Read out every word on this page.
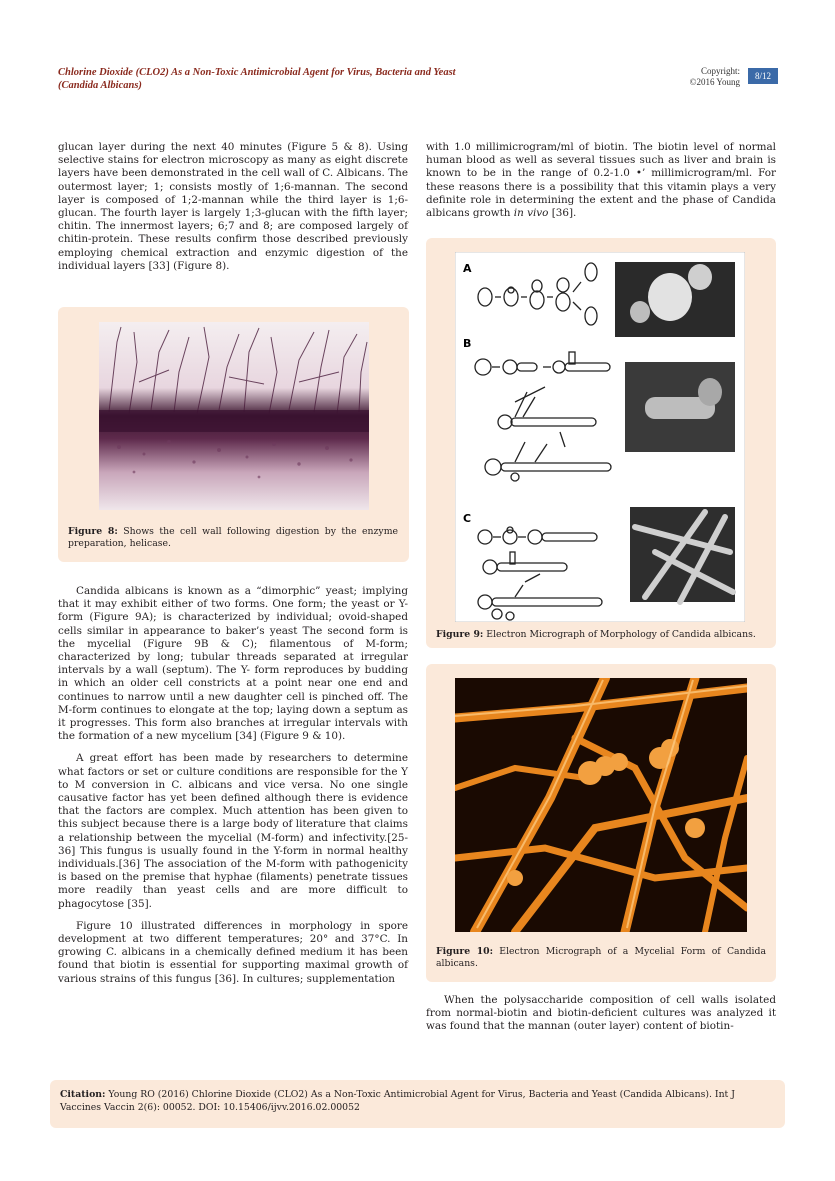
Chlorine Dioxide (CLO2) As a Non-Toxic Antimicrobial Agent for Virus, Bacteria and Yeast
(Candida Albicans)
Copyright:
©2016 Young
8/12

glucan layer during the next 40 minutes (Figure 5 & 8). Using selective stains for electron microscopy as many as eight discrete layers have been demonstrated in the cell wall of C. Albicans. The outermost layer; 1; consists mostly of 1;6-mannan. The second layer is composed of 1;2-mannan while the third layer is 1;6-glucan. The fourth layer is largely 1;3-glucan with the fifth layer; chitin. The innermost layers; 6;7 and 8; are composed largely of chitin-protein. These results confirm those described previously employing chemical extraction and enzymic digestion of the individual layers [33] (Figure 8).

Figure 8: Shows the cell wall following digestion by the enzyme preparation, helicase.

Candida albicans is known as a “dimorphic” yeast; implying that it may exhibit either of two forms. One form; the yeast or Y-form (Figure 9A); is characterized by individual; ovoid-shaped cells similar in appearance to baker’s yeast The second form is the mycelial (Figure 9B & C); filamentous of M-form; characterized by long; tubular threads separated at irregular intervals by a wall (septum). The Y- form reproduces by budding in which an older cell constricts at a point near one end and continues to narrow until a new daughter cell is pinched off. The M-form continues to elongate at the top; laying down a septum as it progresses. This form also branches at irregular intervals with the formation of a new mycelium [34] (Figure 9 & 10).

A great effort has been made by researchers to determine what factors or set or culture conditions are responsible for the Y to M conversion in C. albicans and vice versa. No one single causative factor has yet been defined although there is evidence that the factors are complex. Much attention has been given to this subject because there is a large body of literature that claims a relationship between the mycelial (M-form) and infectivity.[25-36] This fungus is usually found in the Y-form in normal healthy individuals.[36] The association of the M-form with pathogenicity is based on the premise that hyphae (filaments) penetrate tissues more readily than yeast cells and are more difficult to phagocytose [35].

Figure 10 illustrated differences in morphology in spore development at two different temperatures; 20° and 37°C. In growing C. albicans in a chemically defined medium it has been found that biotin is essential for supporting maximal growth of various strains of this fungus [36]. In cultures; supplementation

with 1.0 millimicrogram/ml of biotin. The biotin level of normal human blood as well as several tissues such as liver and brain is known to be in the range of 0.2-1.0 •’ millimicrogram/ml. For these reasons there is a possibility that this vitamin plays a very definite role in determining the extent and the phase of Candida albicans growth in vivo [36].

A
B
C
Figure 9: Electron Micrograph of Morphology of Candida albicans.
Figure 10: Electron Micrograph of a Mycelial Form of Candida albicans.

When the polysaccharide composition of cell walls isolated from normal-biotin and biotin-deficient cultures was analyzed it was found that the mannan (outer layer) content of biotin-

Citation: Young RO (2016) Chlorine Dioxide (CLO2) As a Non-Toxic Antimicrobial Agent for Virus, Bacteria and Yeast (Candida Albicans). Int J Vaccines Vaccin 2(6): 00052. DOI: 10.15406/ijvv.2016.02.00052
